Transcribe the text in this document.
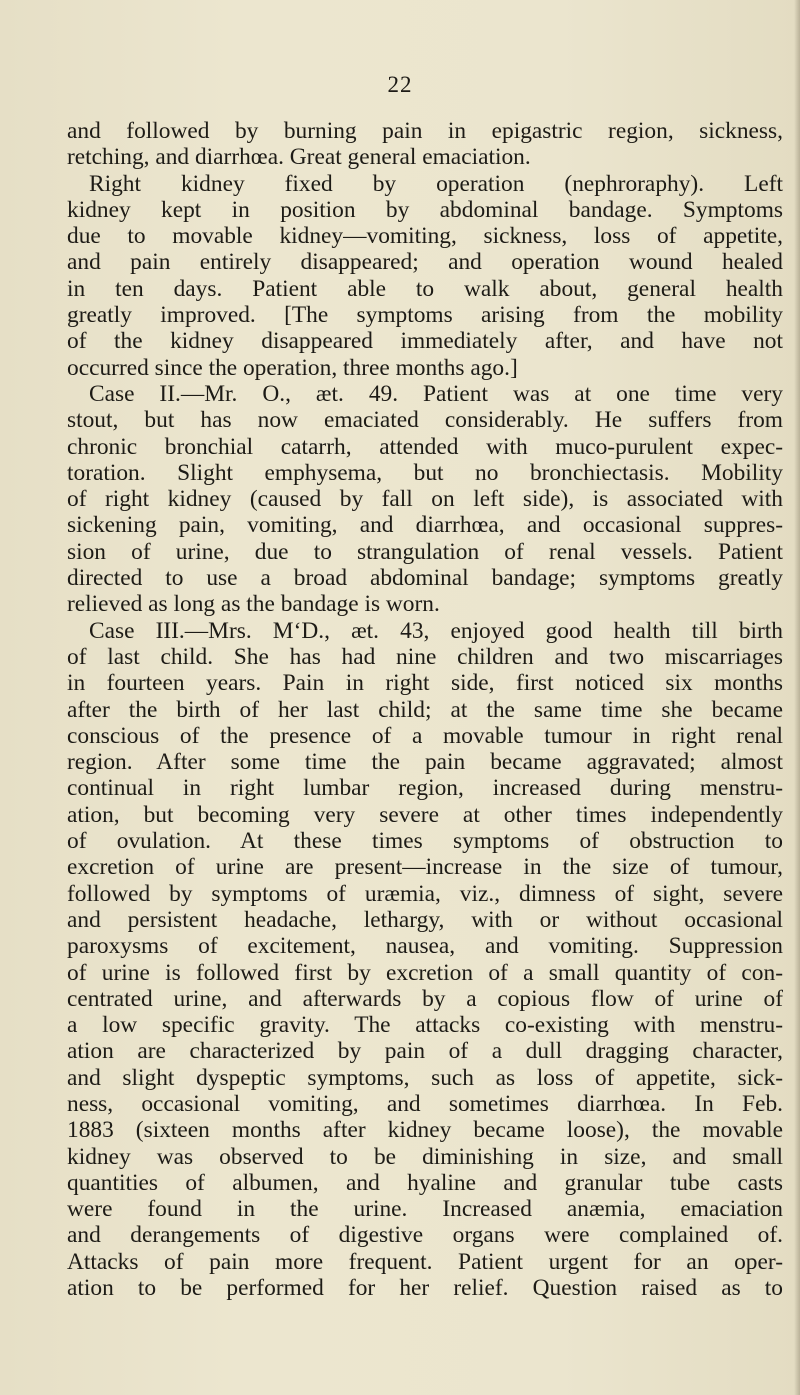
22
and followed by burning pain in epigastric region, sickness,
retching, and diarrhœa. Great general emaciation.
Right kidney fixed by operation (nephroraphy). Left
kidney kept in position by abdominal bandage. Symptoms
due to movable kidney—vomiting, sickness, loss of appetite,
and pain entirely disappeared; and operation wound healed
in ten days. Patient able to walk about, general health
greatly improved. [The symptoms arising from the mobility
of the kidney disappeared immediately after, and have not
occurred since the operation, three months ago.]
Case II.—Mr. O., æt. 49. Patient was at one time very
stout, but has now emaciated considerably. He suffers from
chronic bronchial catarrh, attended with muco-purulent expec-
toration. Slight emphysema, but no bronchiectasis. Mobility
of right kidney (caused by fall on left side), is associated with
sickening pain, vomiting, and diarrhœa, and occasional suppres-
sion of urine, due to strangulation of renal vessels. Patient
directed to use a broad abdominal bandage; symptoms greatly
relieved as long as the bandage is worn.
Case III.—Mrs. M‘D., æt. 43, enjoyed good health till birth
of last child. She has had nine children and two miscarriages
in fourteen years. Pain in right side, first noticed six months
after the birth of her last child; at the same time she became
conscious of the presence of a movable tumour in right renal
region. After some time the pain became aggravated; almost
continual in right lumbar region, increased during menstru-
ation, but becoming very severe at other times independently
of ovulation. At these times symptoms of obstruction to
excretion of urine are present—increase in the size of tumour,
followed by symptoms of uræmia, viz., dimness of sight, severe
and persistent headache, lethargy, with or without occasional
paroxysms of excitement, nausea, and vomiting. Suppression
of urine is followed first by excretion of a small quantity of con-
centrated urine, and afterwards by a copious flow of urine of
a low specific gravity. The attacks co-existing with menstru-
ation are characterized by pain of a dull dragging character,
and slight dyspeptic symptoms, such as loss of appetite, sick-
ness, occasional vomiting, and sometimes diarrhœa. In Feb.
1883 (sixteen months after kidney became loose), the movable
kidney was observed to be diminishing in size, and small
quantities of albumen, and hyaline and granular tube casts
were found in the urine. Increased anæmia, emaciation
and derangements of digestive organs were complained of.
Attacks of pain more frequent. Patient urgent for an oper-
ation to be performed for her relief. Question raised as to
